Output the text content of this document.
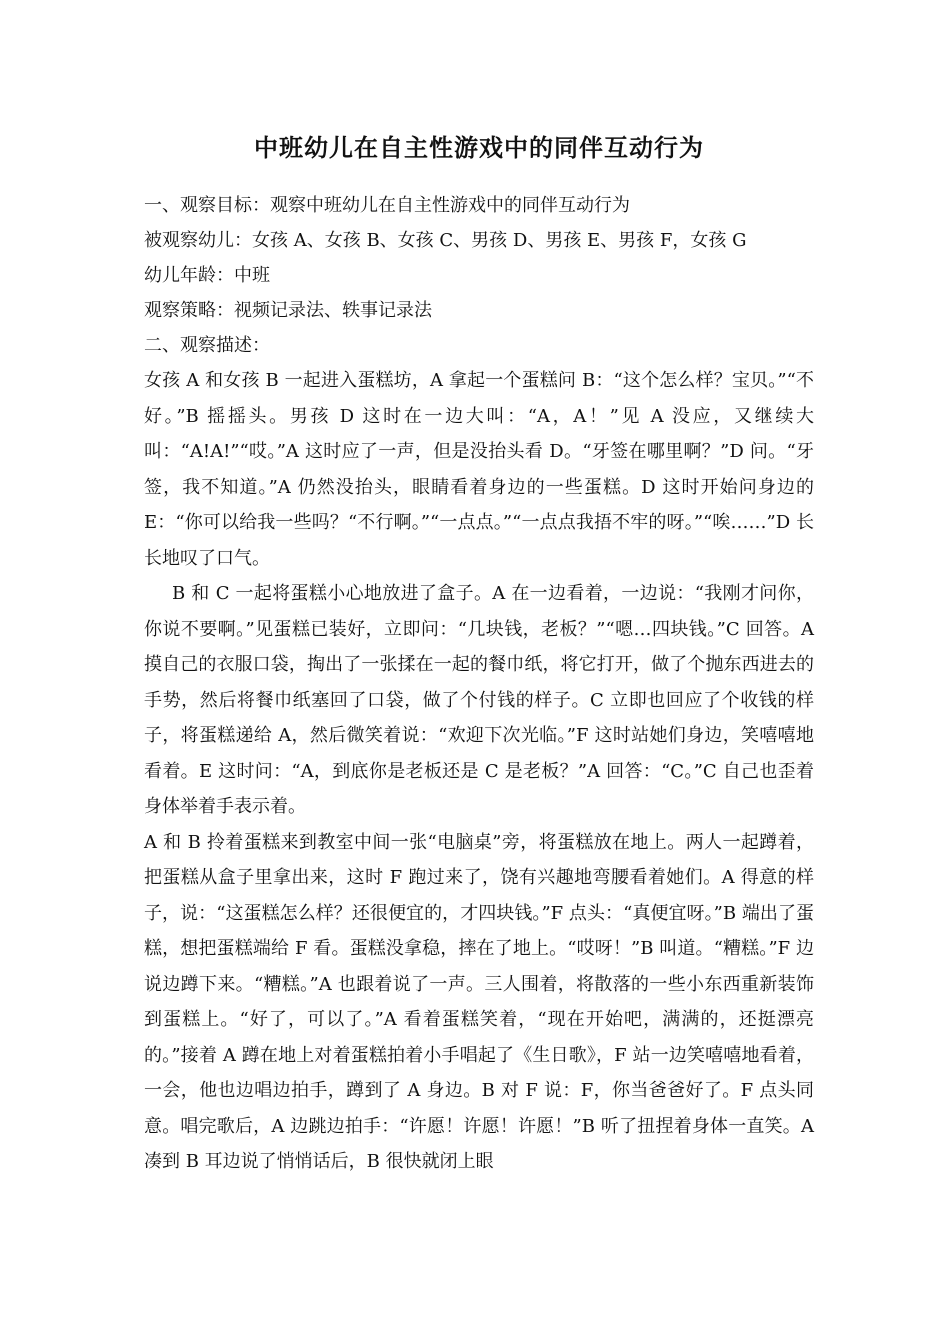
中班幼儿在自主性游戏中的同伴互动行为

一、观察目标：观察中班幼儿在自主性游戏中的同伴互动行为

被观察幼儿：女孩 A、女孩 B、女孩 C、男孩 D、男孩 E、男孩 F，女孩 G

幼儿年龄：中班

观察策略：视频记录法、轶事记录法

二、观察描述：

女孩 A 和女孩 B 一起进入蛋糕坊，A 拿起一个蛋糕问 B：“这个怎么样？宝贝。”“不好。”B 摇摇头。男孩 D 这时在一边大叫：“A，A！”见 A 没应，又继续大叫：“A!A!”“哎。”A 这时应了一声，但是没抬头看 D。“牙签在哪里啊？”D 问。“牙签，我不知道。”A 仍然没抬头，眼睛看着身边的一些蛋糕。D 这时开始问身边的 E：“你可以给我一些吗？“不行啊。”“一点点。”“一点点我捂不牢的呀。”“唉……”D 长长地叹了口气。

B 和 C 一起将蛋糕小心地放进了盒子。A 在一边看着，一边说：“我刚才问你，你说不要啊。”见蛋糕已装好，立即问：“几块钱，老板？”“嗯…四块钱。”C 回答。A 摸自己的衣服口袋，掏出了一张揉在一起的餐巾纸，将它打开，做了个抛东西进去的手势，然后将餐巾纸塞回了口袋，做了个付钱的样子。C 立即也回应了个收钱的样子，将蛋糕递给 A，然后微笑着说：“欢迎下次光临。”F 这时站她们身边，笑嘻嘻地看着。E 这时问：“A，到底你是老板还是 C 是老板？”A 回答：“C。”C 自己也歪着身体举着手表示着。

A 和 B 拎着蛋糕来到教室中间一张“电脑桌”旁，将蛋糕放在地上。两人一起蹲着，把蛋糕从盒子里拿出来，这时 F 跑过来了，饶有兴趣地弯腰看着她们。A 得意的样子，说：“这蛋糕怎么样？还很便宜的，才四块钱。”F 点头：“真便宜呀。”B 端出了蛋糕，想把蛋糕端给 F 看。蛋糕没拿稳，摔在了地上。“哎呀！”B 叫道。“糟糕。”F 边说边蹲下来。“糟糕。”A 也跟着说了一声。三人围着，将散落的一些小东西重新装饰到蛋糕上。“好了，可以了。”A 看着蛋糕笑着，“现在开始吧，满满的，还挺漂亮的。”接着 A 蹲在地上对着蛋糕拍着小手唱起了《生日歌》，F 站一边笑嘻嘻地看着，一会，他也边唱边拍手，蹲到了 A 身边。B 对 F 说：F，你当爸爸好了。F 点头同意。唱完歌后，A 边跳边拍手：“许愿！许愿！许愿！”B 听了扭捏着身体一直笑。A 凑到 B 耳边说了悄悄话后，B 很快就闭上眼
